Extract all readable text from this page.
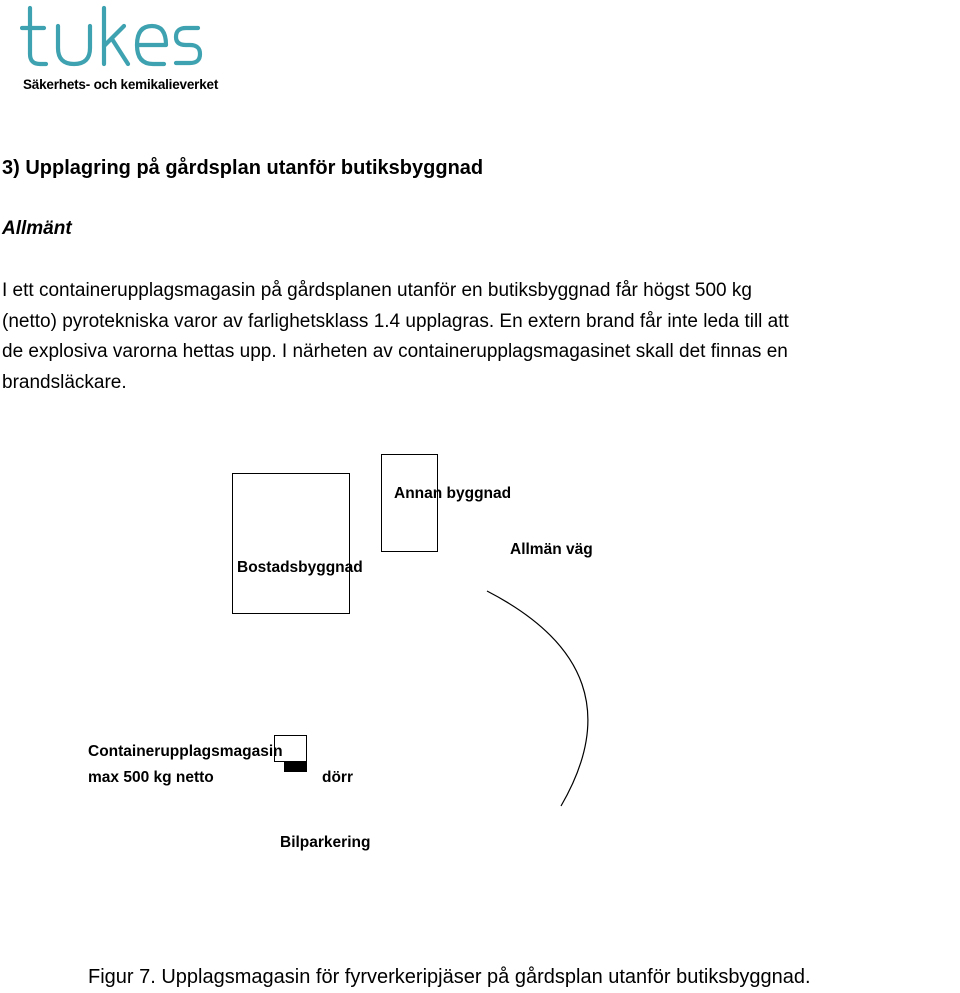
Säkerhets- och kemikalieverket
3) Upplagring på gårdsplan utanför butiksbyggnad
Allmänt

I ett containerupplagsmagasin på gårdsplanen utanför en butiksbyggnad får högst 500 kg
(netto) pyrotekniska varor av farlighetsklass 1.4 upplagras. En extern brand får inte leda till att
de explosiva varorna hettas upp. I närheten av containerupplagsmagasinet skall det finnas en
brandsläckare.

Annan byggnad
Bostadsbyggnad
Allmän väg
Containerupplagsmagasin
max 500 kg netto	dörr
Bilparkering

Figur 7. Upplagsmagasin för fyrverkeripjäser på gårdsplan utanför butiksbyggnad.
